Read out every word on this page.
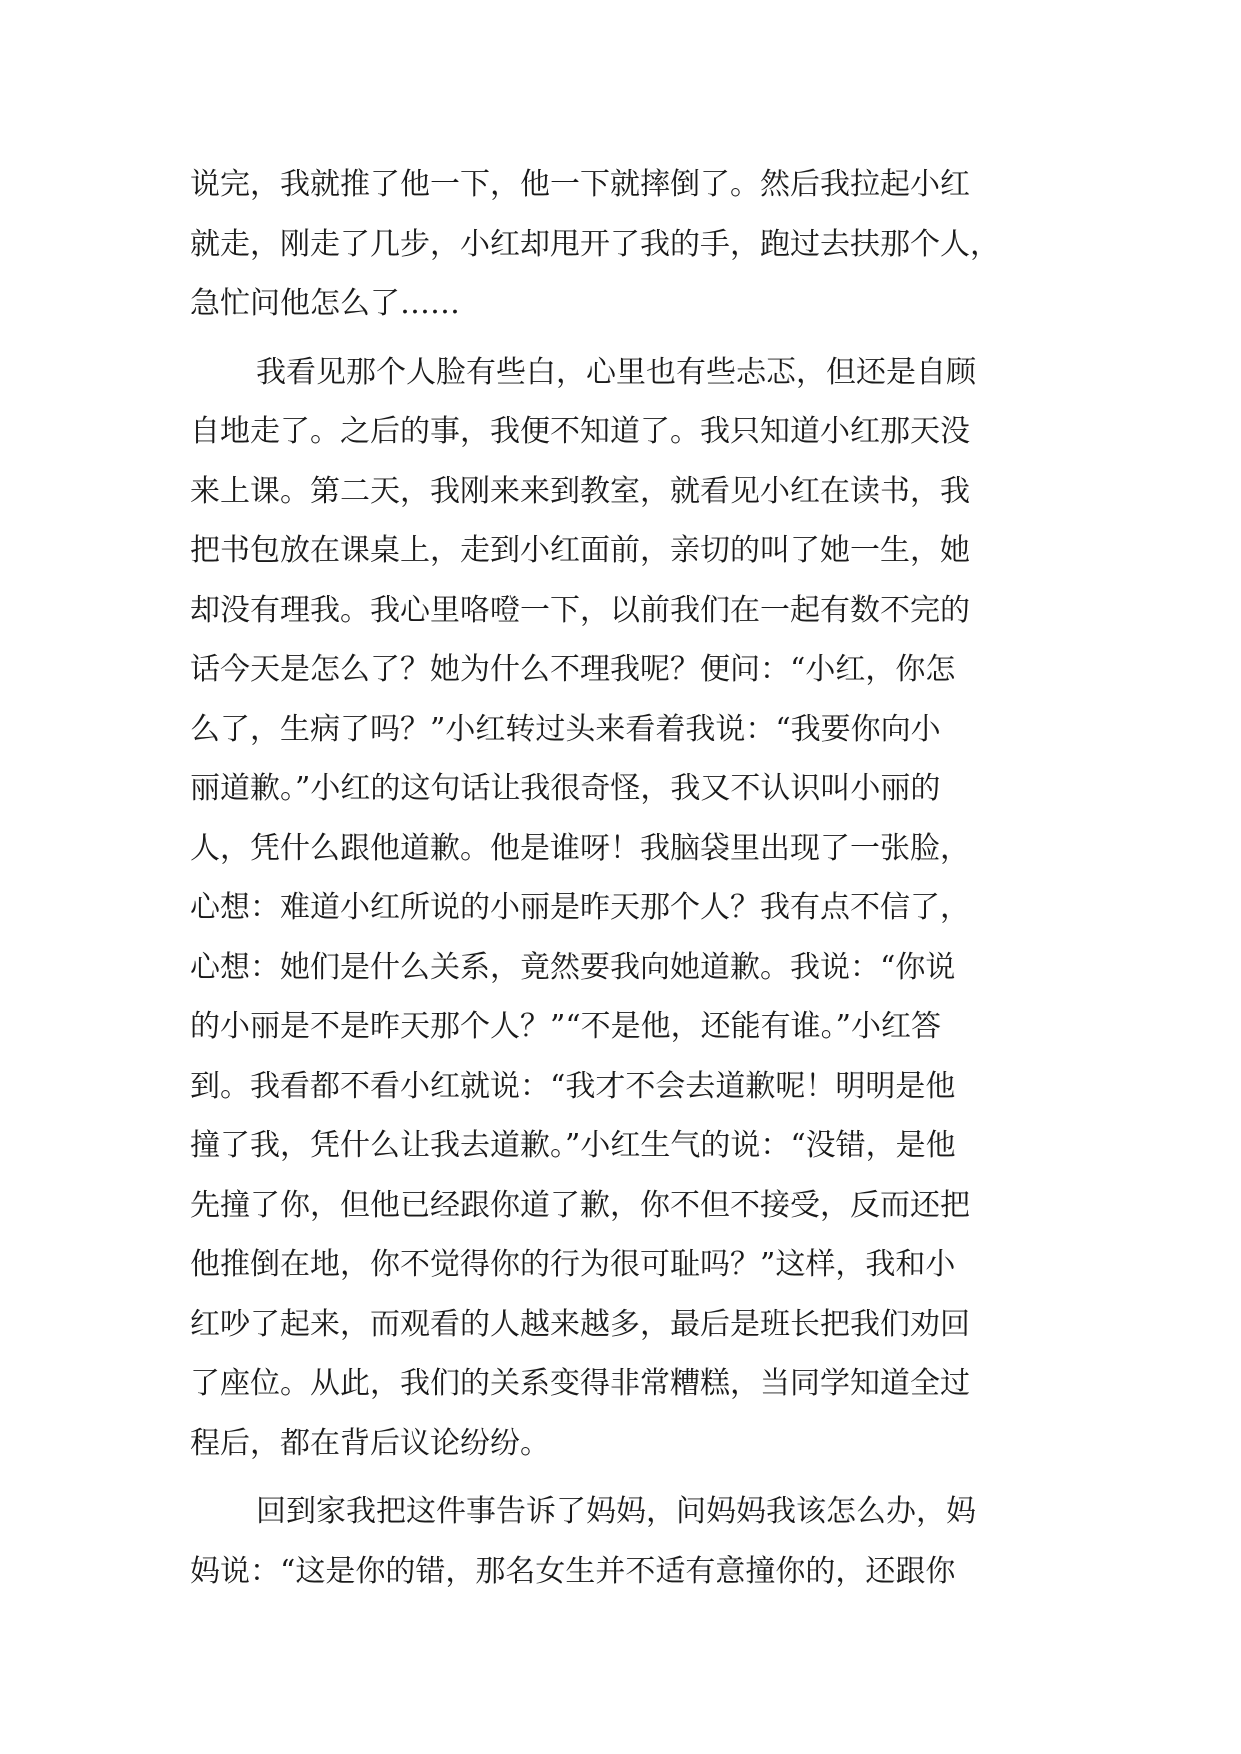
说完，我就推了他一下，他一下就摔倒了。然后我拉起小红
就走，刚走了几步，小红却甩开了我的手，跑过去扶那个人，
急忙问他怎么了……
我看见那个人脸有些白，心里也有些忐忑，但还是自顾
自地走了。之后的事，我便不知道了。我只知道小红那天没
来上课。第二天，我刚来来到教室，就看见小红在读书，我
把书包放在课桌上，走到小红面前，亲切的叫了她一生，她
却没有理我。我心里咯噔一下，以前我们在一起有数不完的
话今天是怎么了？她为什么不理我呢？便问：“小红，你怎
么了，生病了吗？”小红转过头来看着我说：“我要你向小
丽道歉。”小红的这句话让我很奇怪，我又不认识叫小丽的
人，凭什么跟他道歉。他是谁呀！我脑袋里出现了一张脸，
心想：难道小红所说的小丽是昨天那个人？我有点不信了，
心想：她们是什么关系，竟然要我向她道歉。我说：“你说
的小丽是不是昨天那个人？”“不是他，还能有谁。”小红答
到。我看都不看小红就说：“我才不会去道歉呢！明明是他
撞了我，凭什么让我去道歉。”小红生气的说：“没错，是他
先撞了你，但他已经跟你道了歉，你不但不接受，反而还把
他推倒在地，你不觉得你的行为很可耻吗？”这样，我和小
红吵了起来，而观看的人越来越多，最后是班长把我们劝回
了座位。从此，我们的关系变得非常糟糕，当同学知道全过
程后，都在背后议论纷纷。
回到家我把这件事告诉了妈妈，问妈妈我该怎么办，妈
妈说：“这是你的错，那名女生并不适有意撞你的，还跟你
